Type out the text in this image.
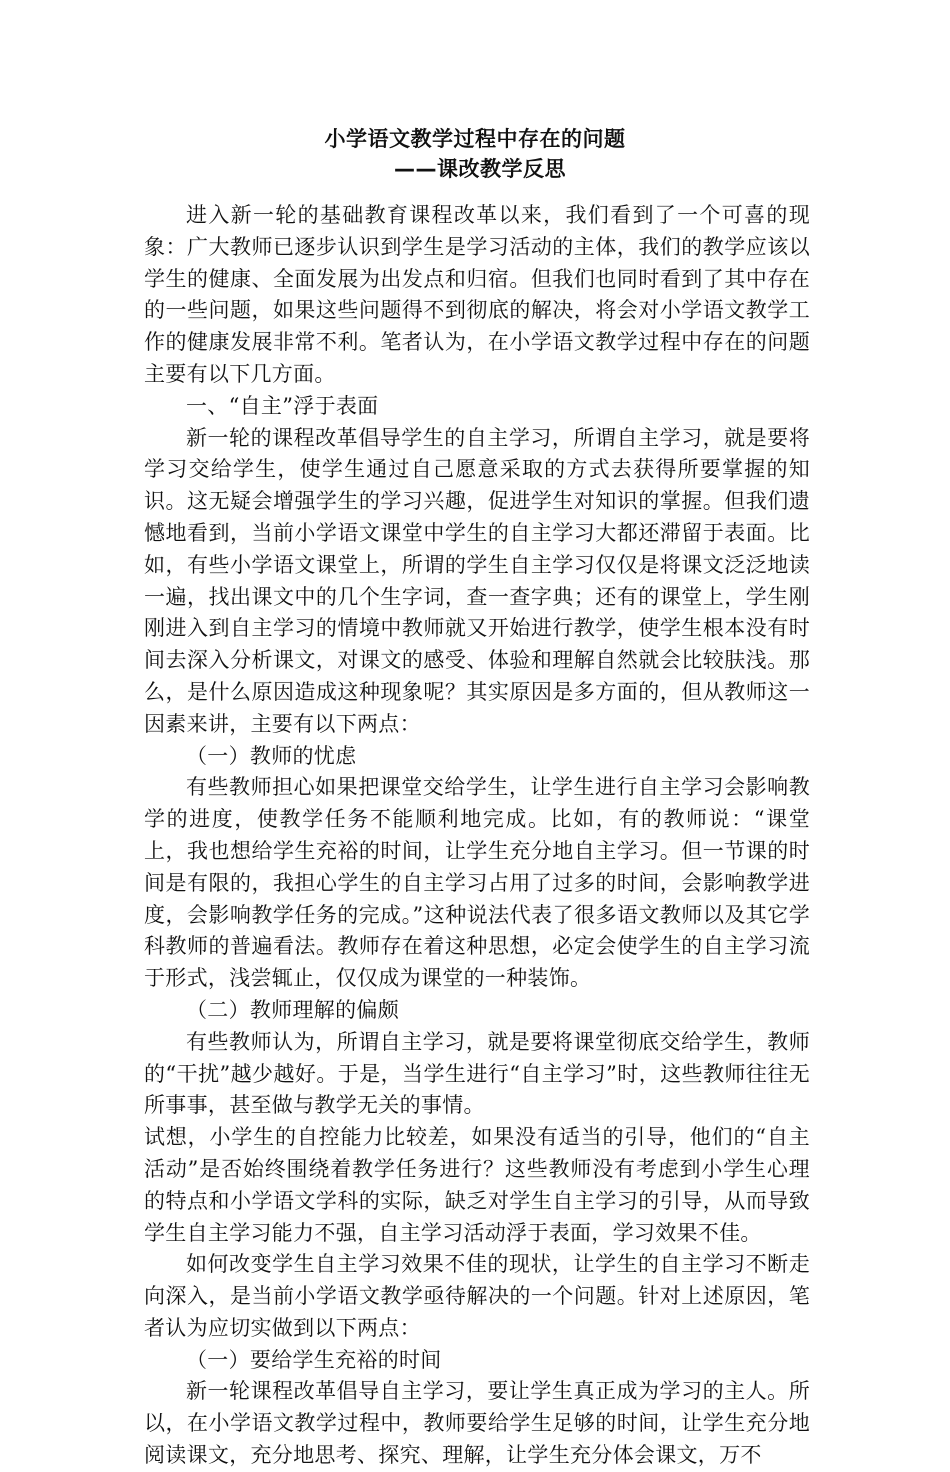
小学语文教学过程中存在的问题
——课改教学反思

进入新一轮的基础教育课程改革以来，我们看到了一个可喜的现象：广大教师已逐步认识到学生是学习活动的主体，我们的教学应该以学生的健康、全面发展为出发点和归宿。但我们也同时看到了其中存在的一些问题，如果这些问题得不到彻底的解决，将会对小学语文教学工作的健康发展非常不利。笔者认为，在小学语文教学过程中存在的问题主要有以下几方面。

一、“自主”浮于表面

新一轮的课程改革倡导学生的自主学习，所谓自主学习，就是要将学习交给学生，使学生通过自己愿意采取的方式去获得所要掌握的知识。这无疑会增强学生的学习兴趣，促进学生对知识的掌握。但我们遗憾地看到，当前小学语文课堂中学生的自主学习大都还滞留于表面。比如，有些小学语文课堂上，所谓的学生自主学习仅仅是将课文泛泛地读一遍，找出课文中的几个生字词，查一查字典；还有的课堂上，学生刚刚进入到自主学习的情境中教师就又开始进行教学，使学生根本没有时间去深入分析课文，对课文的感受、体验和理解自然就会比较肤浅。那么，是什么原因造成这种现象呢？其实原因是多方面的，但从教师这一因素来讲，主要有以下两点：

（一）教师的忧虑

有些教师担心如果把课堂交给学生，让学生进行自主学习会影响教学的进度，使教学任务不能顺利地完成。比如，有的教师说：“课堂上，我也想给学生充裕的时间，让学生充分地自主学习。但一节课的时间是有限的，我担心学生的自主学习占用了过多的时间，会影响教学进度，会影响教学任务的完成。”这种说法代表了很多语文教师以及其它学科教师的普遍看法。教师存在着这种思想，必定会使学生的自主学习流于形式，浅尝辄止，仅仅成为课堂的一种装饰。

（二）教师理解的偏颇

有些教师认为，所谓自主学习，就是要将课堂彻底交给学生，教师的“干扰”越少越好。于是，当学生进行“自主学习”时，这些教师往往无所事事，甚至做与教学无关的事情。

试想，小学生的自控能力比较差，如果没有适当的引导，他们的“自主活动”是否始终围绕着教学任务进行？这些教师没有考虑到小学生心理的特点和小学语文学科的实际，缺乏对学生自主学习的引导，从而导致学生自主学习能力不强，自主学习活动浮于表面，学习效果不佳。

如何改变学生自主学习效果不佳的现状，让学生的自主学习不断走向深入，是当前小学语文教学亟待解决的一个问题。针对上述原因，笔者认为应切实做到以下两点：

（一）要给学生充裕的时间

新一轮课程改革倡导自主学习，要让学生真正成为学习的主人。所以，在小学语文教学过程中，教师要给学生足够的时间，让学生充分地阅读课文，充分地思考、探究、理解，让学生充分体会课文，万不
